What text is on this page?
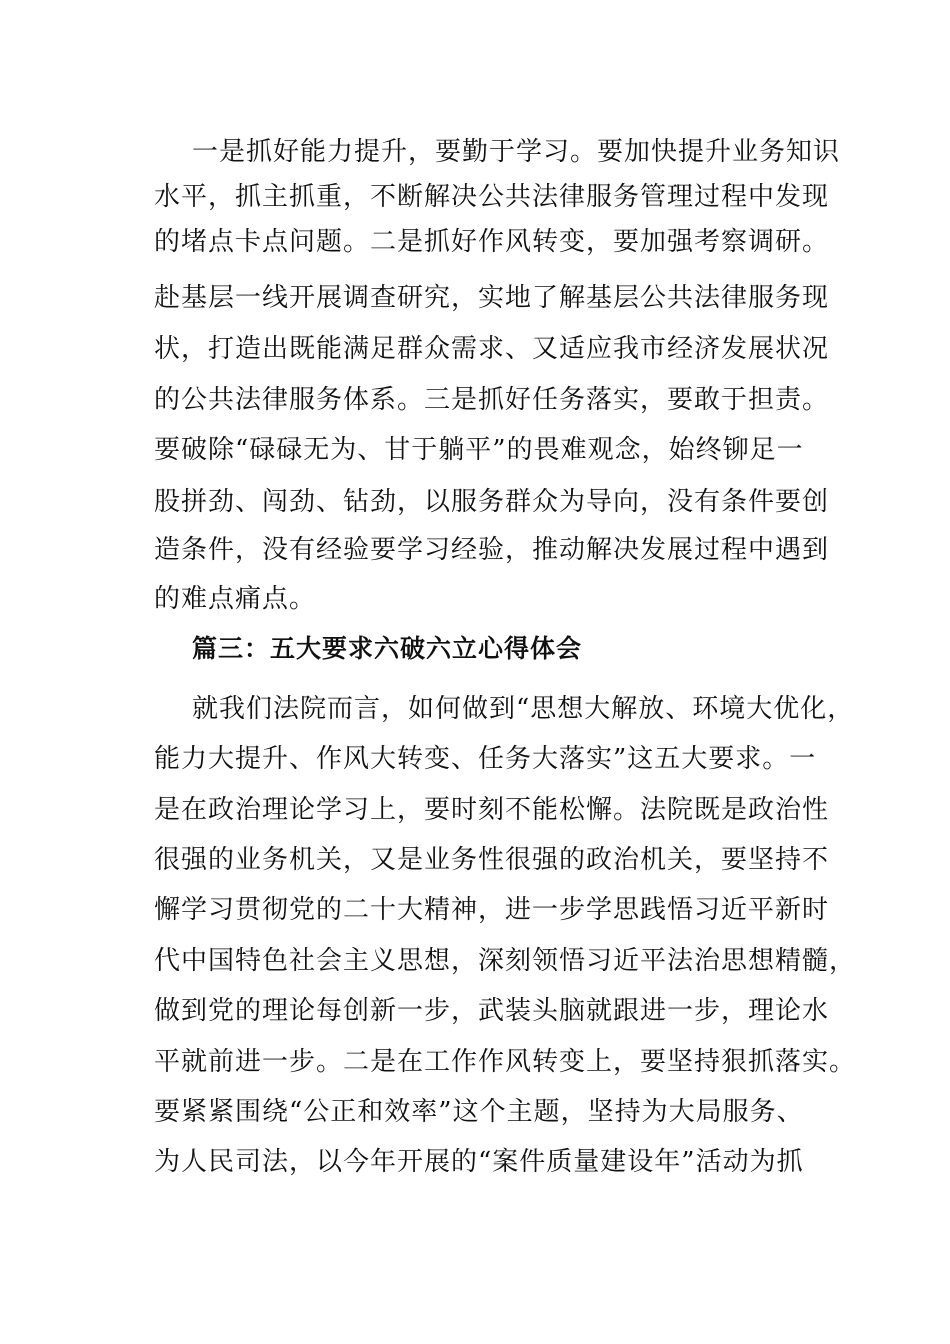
一是抓好能力提升，要勤于学习。要加快提升业务知识
水平，抓主抓重，不断解决公共法律服务管理过程中发现
的堵点卡点问题。二是抓好作风转变，要加强考察调研。
赴基层一线开展调查研究，实地了解基层公共法律服务现
状，打造出既能满足群众需求、又适应我市经济发展状况
的公共法律服务体系。三是抓好任务落实，要敢于担责。
要破除“碌碌无为、甘于躺平”的畏难观念，始终铆足一
股拼劲、闯劲、钻劲，以服务群众为导向，没有条件要创
造条件，没有经验要学习经验，推动解决发展过程中遇到
的难点痛点。
篇三：五大要求六破六立心得体会
就我们法院而言，如何做到“思想大解放、环境大优化，
能力大提升、作风大转变、任务大落实”这五大要求。一
是在政治理论学习上，要时刻不能松懈。法院既是政治性
很强的业务机关，又是业务性很强的政治机关，要坚持不
懈学习贯彻党的二十大精神，进一步学思践悟习近平新时
代中国特色社会主义思想，深刻领悟习近平法治思想精髓，
做到党的理论每创新一步，武装头脑就跟进一步，理论水
平就前进一步。二是在工作作风转变上，要坚持狠抓落实。
要紧紧围绕“公正和效率”这个主题，坚持为大局服务、
为人民司法，以今年开展的“案件质量建设年”活动为抓
